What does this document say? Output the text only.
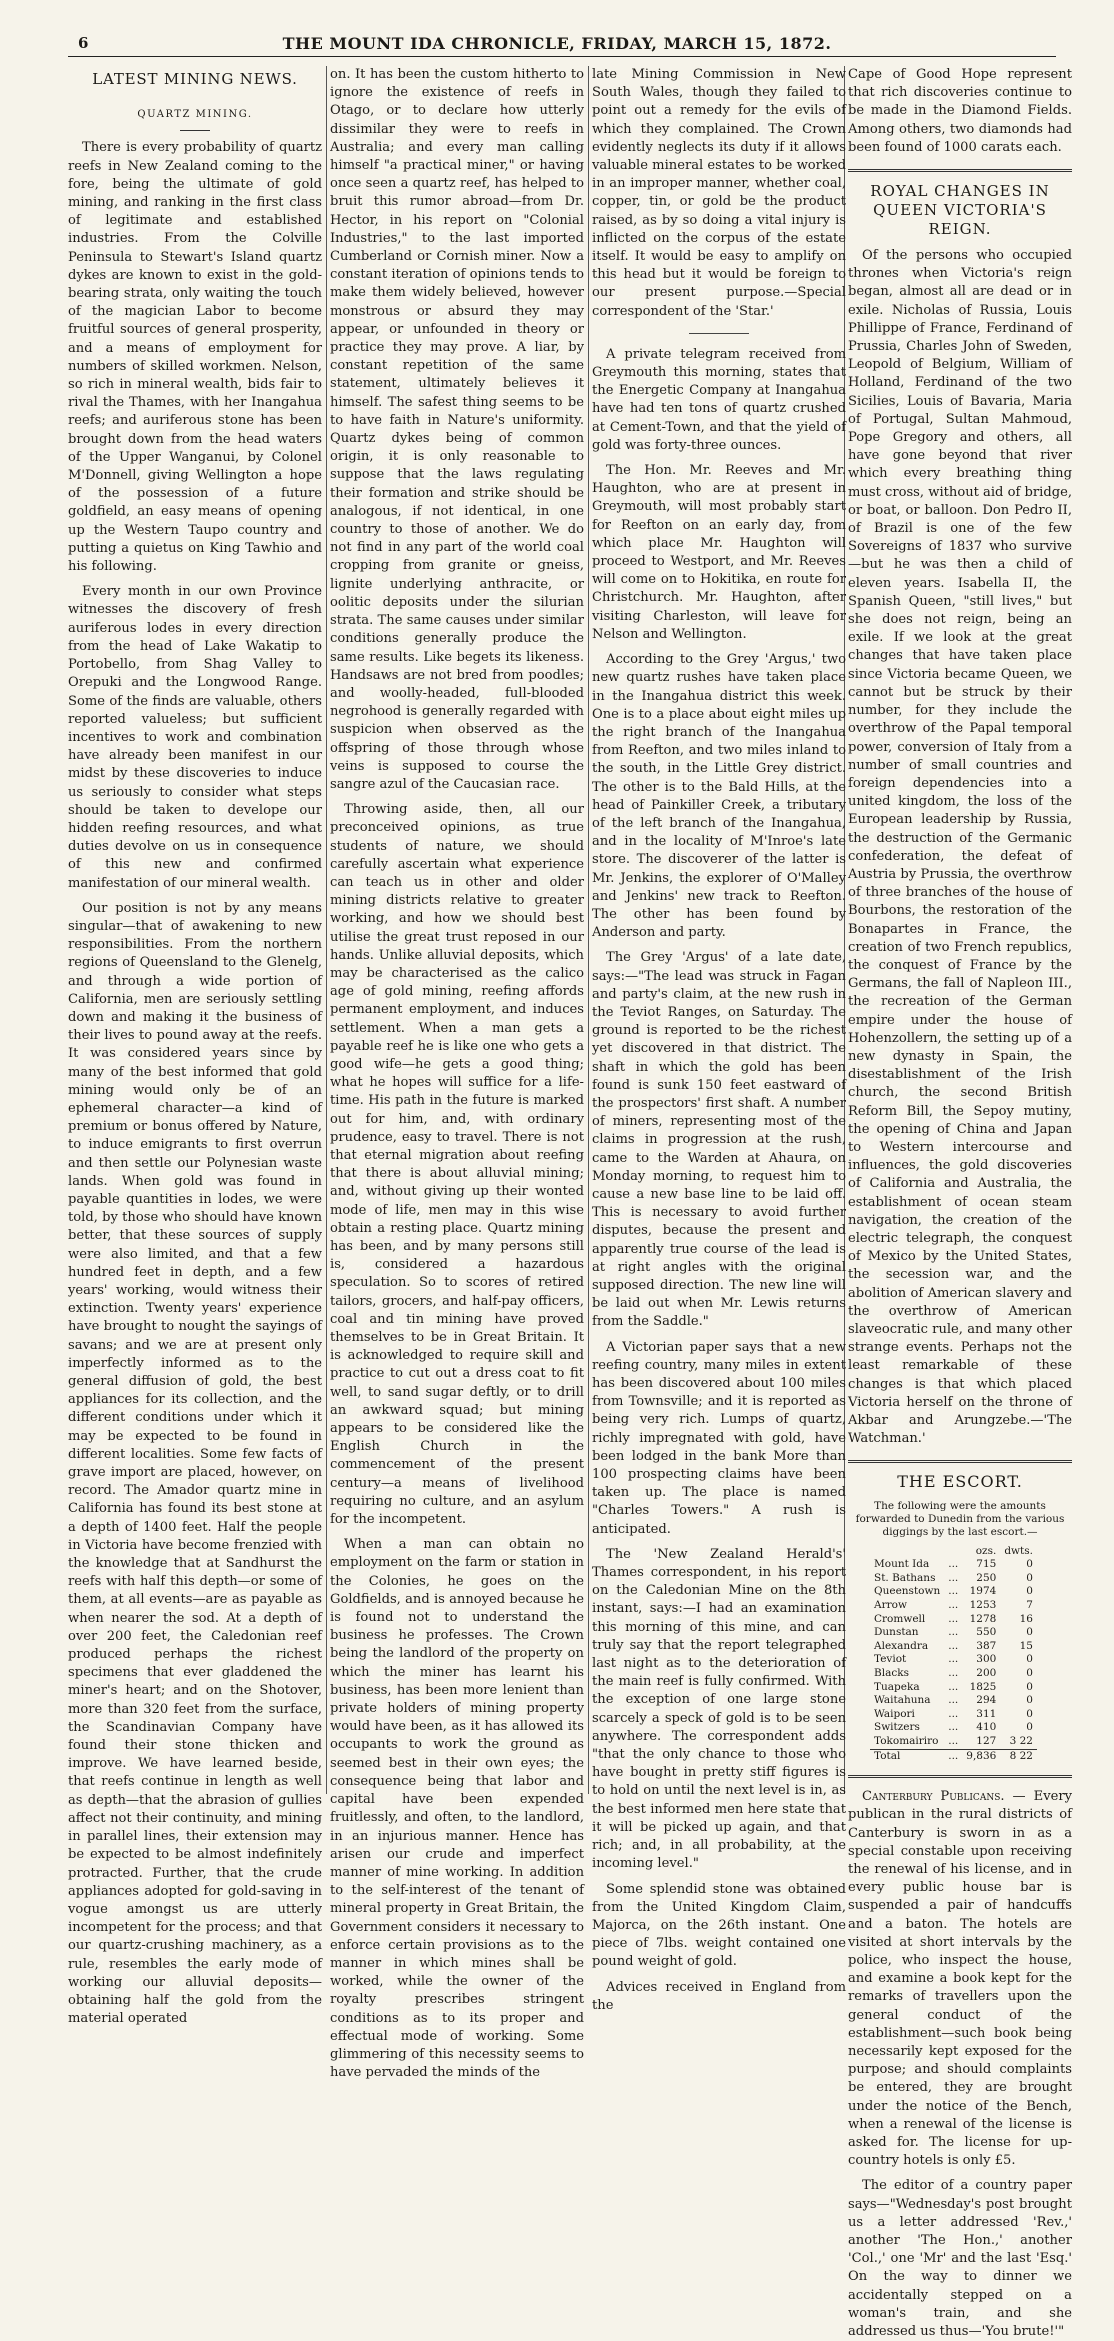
6	THE MOUNT IDA CHRONICLE, FRIDAY, MARCH 15, 1872.
LATEST MINING NEWS.
QUARTZ MINING.

There is every probability of quartz reefs in New Zealand coming to the fore, being the ultimate of gold mining, and ranking in the first class of legitimate and established industries. From the Colville Peninsula to Stewart's Island quartz dykes are known to exist in the gold-bearing strata, only waiting the touch of the magician Labor to become fruitful sources of general prosperity, and a means of employment for numbers of skilled workmen. Nelson, so rich in mineral wealth, bids fair to rival the Thames, with her Inangahua reefs; and auriferous stone has been brought down from the head waters of the Upper Wanganui, by Colonel M'Donnell, giving Wellington a hope of the possession of a future goldfield, an easy means of opening up the Western Taupo country and putting a quietus on King Tawhio and his following.

Every month in our own Province witnesses the discovery of fresh auriferous lodes in every direction from the head of Lake Wakatip to Portobello, from Shag Valley to Orepuki and the Longwood Range. Some of the finds are valuable, others reported valueless; but sufficient incentives to work and combination have already been manifest in our midst by these discoveries to induce us seriously to consider what steps should be taken to develope our hidden reefing resources, and what duties devolve on us in consequence of this new and confirmed manifestation of our mineral wealth.

Our position is not by any means singular—that of awakening to new responsibilities. From the northern regions of Queensland to the Glenelg, and through a wide portion of California, men are seriously settling down and making it the business of their lives to pound away at the reefs. It was considered years since by many of the best informed that gold mining would only be of an ephemeral character—a kind of premium or bonus offered by Nature, to induce emigrants to first overrun and then settle our Polynesian waste lands. When gold was found in payable quantities in lodes, we were told, by those who should have known better, that these sources of supply were also limited, and that a few hundred feet in depth, and a few years' working, would witness their extinction. Twenty years' experience have brought to nought the sayings of savans; and we are at present only imperfectly informed as to the general diffusion of gold, the best appliances for its collection, and the different conditions under which it may be expected to be found in different localities. Some few facts of grave import are placed, however, on record. The Amador quartz mine in California has found its best stone at a depth of 1400 feet. Half the people in Victoria have become frenzied with the knowledge that at Sandhurst the reefs with half this depth—or some of them, at all events—are as payable as when nearer the sod. At a depth of over 200 feet, the Caledonian reef produced perhaps the richest specimens that ever gladdened the miner's heart; and on the Shotover, more than 320 feet from the surface, the Scandinavian Company have found their stone thicken and improve. We have learned beside, that reefs continue in length as well as depth—that the abrasion of gullies affect not their continuity, and mining in parallel lines, their extension may be expected to be almost indefinitely protracted. Further, that the crude appliances adopted for gold-saving in vogue amongst us are utterly incompetent for the process; and that our quartz-crushing machinery, as a rule, resembles the early mode of working our alluvial deposits—obtaining half the gold from the material operated

on. It has been the custom hitherto to ignore the existence of reefs in Otago, or to declare how utterly dissimilar they were to reefs in Australia; and every man calling himself "a practical miner," or having once seen a quartz reef, has helped to bruit this rumor abroad—from Dr. Hector, in his report on "Colonial Industries," to the last imported Cumberland or Cornish miner. Now a constant iteration of opinions tends to make them widely believed, however monstrous or absurd they may appear, or unfounded in theory or practice they may prove. A liar, by constant repetition of the same statement, ultimately believes it himself. The safest thing seems to be to have faith in Nature's uniformity. Quartz dykes being of common origin, it is only reasonable to suppose that the laws regulating their formation and strike should be analogous, if not identical, in one country to those of another. We do not find in any part of the world coal cropping from granite or gneiss, lignite underlying anthracite, or oolitic deposits under the silurian strata. The same causes under similar conditions generally produce the same results. Like begets its likeness. Handsaws are not bred from poodles; and woolly-headed, full-blooded negrohood is generally regarded with suspicion when observed as the offspring of those through whose veins is supposed to course the sangre azul of the Caucasian race.

Throwing aside, then, all our preconceived opinions, as true students of nature, we should carefully ascertain what experience can teach us in other and older mining districts relative to greater working, and how we should best utilise the great trust reposed in our hands. Unlike alluvial deposits, which may be characterised as the calico age of gold mining, reefing affords permanent employment, and induces settlement. When a man gets a payable reef he is like one who gets a good wife—he gets a good thing; what he hopes will suffice for a life-time. His path in the future is marked out for him, and, with ordinary prudence, easy to travel. There is not that eternal migration about reefing that there is about alluvial mining; and, without giving up their wonted mode of life, men may in this wise obtain a resting place. Quartz mining has been, and by many persons still is, considered a hazardous speculation. So to scores of retired tailors, grocers, and half-pay officers, coal and tin mining have proved themselves to be in Great Britain. It is acknowledged to require skill and practice to cut out a dress coat to fit well, to sand sugar deftly, or to drill an awkward squad; but mining appears to be considered like the English Church in the commencement of the present century—a means of livelihood requiring no culture, and an asylum for the incompetent.

When a man can obtain no employment on the farm or station in the Colonies, he goes on the Goldfields, and is annoyed because he is found not to understand the business he professes. The Crown being the landlord of the property on which the miner has learnt his business, has been more lenient than private holders of mining property would have been, as it has allowed its occupants to work the ground as seemed best in their own eyes; the consequence being that labor and capital have been expended fruitlessly, and often, to the landlord, in an injurious manner. Hence has arisen our crude and imperfect manner of mine working. In addition to the self-interest of the tenant of mineral property in Great Britain, the Government considers it necessary to enforce certain provisions as to the manner in which mines shall be worked, while the owner of the royalty prescribes stringent conditions as to its proper and effectual mode of working. Some glimmering of this necessity seems to have pervaded the minds of the

late Mining Commission in New South Wales, though they failed to point out a remedy for the evils of which they complained. The Crown evidently neglects its duty if it allows valuable mineral estates to be worked in an improper manner, whether coal, copper, tin, or gold be the product raised, as by so doing a vital injury is inflicted on the corpus of the estate itself. It would be easy to amplify on this head but it would be foreign to our present purpose.—Special correspondent of the 'Star.'

A private telegram received from Greymouth this morning, states that the Energetic Company at Inangahua have had ten tons of quartz crushed at Cement-Town, and that the yield of gold was forty-three ounces.

The Hon. Mr. Reeves and Mr. Haughton, who are at present in Greymouth, will most probably start for Reefton on an early day, from which place Mr. Haughton will proceed to Westport, and Mr. Reeves will come on to Hokitika, en route for Christchurch. Mr. Haughton, after visiting Charleston, will leave for Nelson and Wellington.

According to the Grey 'Argus,' two new quartz rushes have taken place in the Inangahua district this week. One is to a place about eight miles up the right branch of the Inangahua from Reefton, and two miles inland to the south, in the Little Grey district. The other is to the Bald Hills, at the head of Painkiller Creek, a tributary of the left branch of the Inangahua, and in the locality of M'Inroe's late store. The discoverer of the latter is Mr. Jenkins, the explorer of O'Malley and Jenkins' new track to Reefton. The other has been found by Anderson and party.

The Grey 'Argus' of a late date, says:—"The lead was struck in Fagan and party's claim, at the new rush in the Teviot Ranges, on Saturday. The ground is reported to be the richest yet discovered in that district. The shaft in which the gold has been found is sunk 150 feet eastward of the prospectors' first shaft. A number of miners, representing most of the claims in progression at the rush, came to the Warden at Ahaura, on Monday morning, to request him to cause a new base line to be laid off. This is necessary to avoid further disputes, because the present and apparently true course of the lead is at right angles with the original supposed direction. The new line will be laid out when Mr. Lewis returns from the Saddle."

A Victorian paper says that a new reefing country, many miles in extent has been discovered about 100 miles from Townsville; and it is reported as being very rich. Lumps of quartz, richly impregnated with gold, have been lodged in the bank More than 100 prospecting claims have been taken up. The place is named "Charles Towers." A rush is anticipated.

The 'New Zealand Herald's' Thames correspondent, in his report on the Caledonian Mine on the 8th instant, says:—I had an examination this morning of this mine, and can truly say that the report telegraphed last night as to the deterioration of the main reef is fully confirmed. With the exception of one large stone scarcely a speck of gold is to be seen anywhere. The correspondent adds "that the only chance to those who have bought in pretty stiff figures is to hold on until the next level is in, as the best informed men here state that it will be picked up again, and that rich; and, in all probability, at the incoming level."

Some splendid stone was obtained from the United Kingdom Claim, Majorca, on the 26th instant. One piece of 7lbs. weight contained one pound weight of gold.

Advices received in England from the

Cape of Good Hope represent that rich discoveries continue to be made in the Diamond Fields. Among others, two diamonds had been found of 1000 carats each.

ROYAL CHANGES IN QUEEN VICTORIA'S REIGN.

Of the persons who occupied thrones when Victoria's reign began, almost all are dead or in exile. Nicholas of Russia, Louis Phillippe of France, Ferdinand of Prussia, Charles John of Sweden, Leopold of Belgium, William of Holland, Ferdinand of the two Sicilies, Louis of Bavaria, Maria of Portugal, Sultan Mahmoud, Pope Gregory and others, all have gone beyond that river which every breathing thing must cross, without aid of bridge, or boat, or balloon. Don Pedro II, of Brazil is one of the few Sovereigns of 1837 who survive—but he was then a child of eleven years. Isabella II, the Spanish Queen, "still lives," but she does not reign, being an exile. If we look at the great changes that have taken place since Victoria became Queen, we cannot but be struck by their number, for they include the overthrow of the Papal temporal power, conversion of Italy from a number of small countries and foreign dependencies into a united kingdom, the loss of the European leadership by Russia, the destruction of the Germanic confederation, the defeat of Austria by Prussia, the overthrow of three branches of the house of Bourbons, the restoration of the Bonapartes in France, the creation of two French republics, the conquest of France by the Germans, the fall of Napleon III., the recreation of the German empire under the house of Hohenzollern, the setting up of a new dynasty in Spain, the disestablishment of the Irish church, the second British Reform Bill, the Sepoy mutiny, the opening of China and Japan to Western intercourse and influences, the gold discoveries of California and Australia, the establishment of ocean steam navigation, the creation of the electric telegraph, the conquest of Mexico by the United States, the secession war, and the abolition of American slavery and the overthrow of American slaveocratic rule, and many other strange events. Perhaps not the least remarkable of these changes is that which placed Victoria herself on the throne of Akbar and Arungzebe.—'The Watchman.'

THE ESCORT.
The following were the amounts forwarded to Dunedin from the various diggings by the last escort.—
		ozs.	dwts.
Mount Ida	...	715	0
St. Bathans	...	250	0
Queenstown	...	1974	0
Arrow	...	1253	7
Cromwell	...	1278	16
Dunstan	...	550	0
Alexandra	...	387	15
Teviot	...	300	0
Blacks	...	200	0
Tuapeka	...	1825	0
Waitahuna	...	294	0
Waipori	...	311	0
Switzers	...	410	0
Tokomairiro	...	127	3 22
Total	...	9,836	8 22

Canterbury Publicans. — Every publican in the rural districts of Canterbury is sworn in as a special constable upon receiving the renewal of his license, and in every public house bar is suspended a pair of handcuffs and a baton. The hotels are visited at short intervals by the police, who inspect the house, and examine a book kept for the remarks of travellers upon the general conduct of the establishment—such book being necessarily kept exposed for the purpose; and should complaints be entered, they are brought under the notice of the Bench, when a renewal of the license is asked for. The license for up-country hotels is only £5.

The editor of a country paper says—"Wednesday's post brought us a letter addressed 'Rev.,' another 'The Hon.,' another 'Col.,' one 'Mr' and the last 'Esq.' On the way to dinner we accidentally stepped on a woman's train, and she addressed us thus—'You brute!'"
